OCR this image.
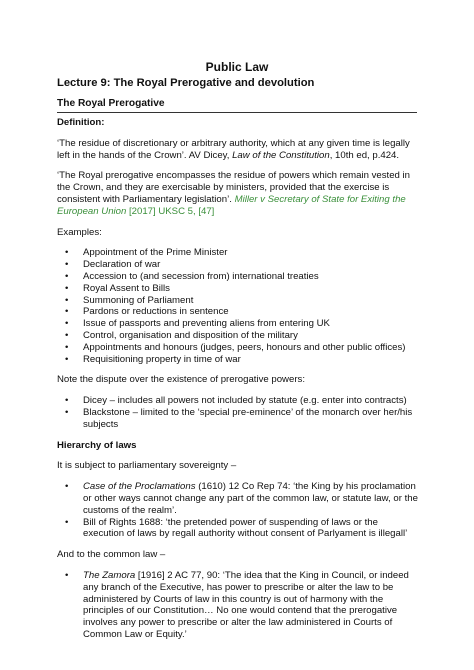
Public Law
Lecture 9: The Royal Prerogative and devolution
The Royal Prerogative

Definition:

‘The residue of discretionary or arbitrary authority, which at any given time is legally left in the hands of the Crown’. AV Dicey, Law of the Constitution, 10th ed, p.424.

‘The Royal prerogative encompasses the residue of powers which remain vested in the Crown, and they are exercisable by ministers, provided that the exercise is consistent with Parliamentary legislation’. Miller v Secretary of State for Exiting the European Union [2017] UKSC 5, [47]

Examples:

• Appointment of the Prime Minister
• Declaration of war
• Accession to (and secession from) international treaties
• Royal Assent to Bills
• Summoning of Parliament
• Pardons or reductions in sentence
• Issue of passports and preventing aliens from entering UK
• Control, organisation and disposition of the military
• Appointments and honours (judges, peers, honours and other public offices)
• Requisitioning property in time of war

Note the dispute over the existence of prerogative powers:

• Dicey – includes all powers not included by statute (e.g. enter into contracts)
• Blackstone – limited to the ‘special pre-eminence’ of the monarch over her/his subjects

Hierarchy of laws

It is subject to parliamentary sovereignty –

• Case of the Proclamations (1610) 12 Co Rep 74: ‘the King by his proclamation or other ways cannot change any part of the common law, or statute law, or the customs of the realm’.
• Bill of Rights 1688: ‘the pretended power of suspending of laws or the execution of laws by regall authority without consent of Parlyament is illegall’

And to the common law –

• The Zamora [1916] 2 AC 77, 90: ‘The idea that the King in Council, or indeed any branch of the Executive, has power to prescribe or alter the law to be administered by Courts of law in this country is out of harmony with the principles of our Constitution… No one would contend that the prerogative involves any power to prescribe or alter the law administered in Courts of Common Law or Equity.’
